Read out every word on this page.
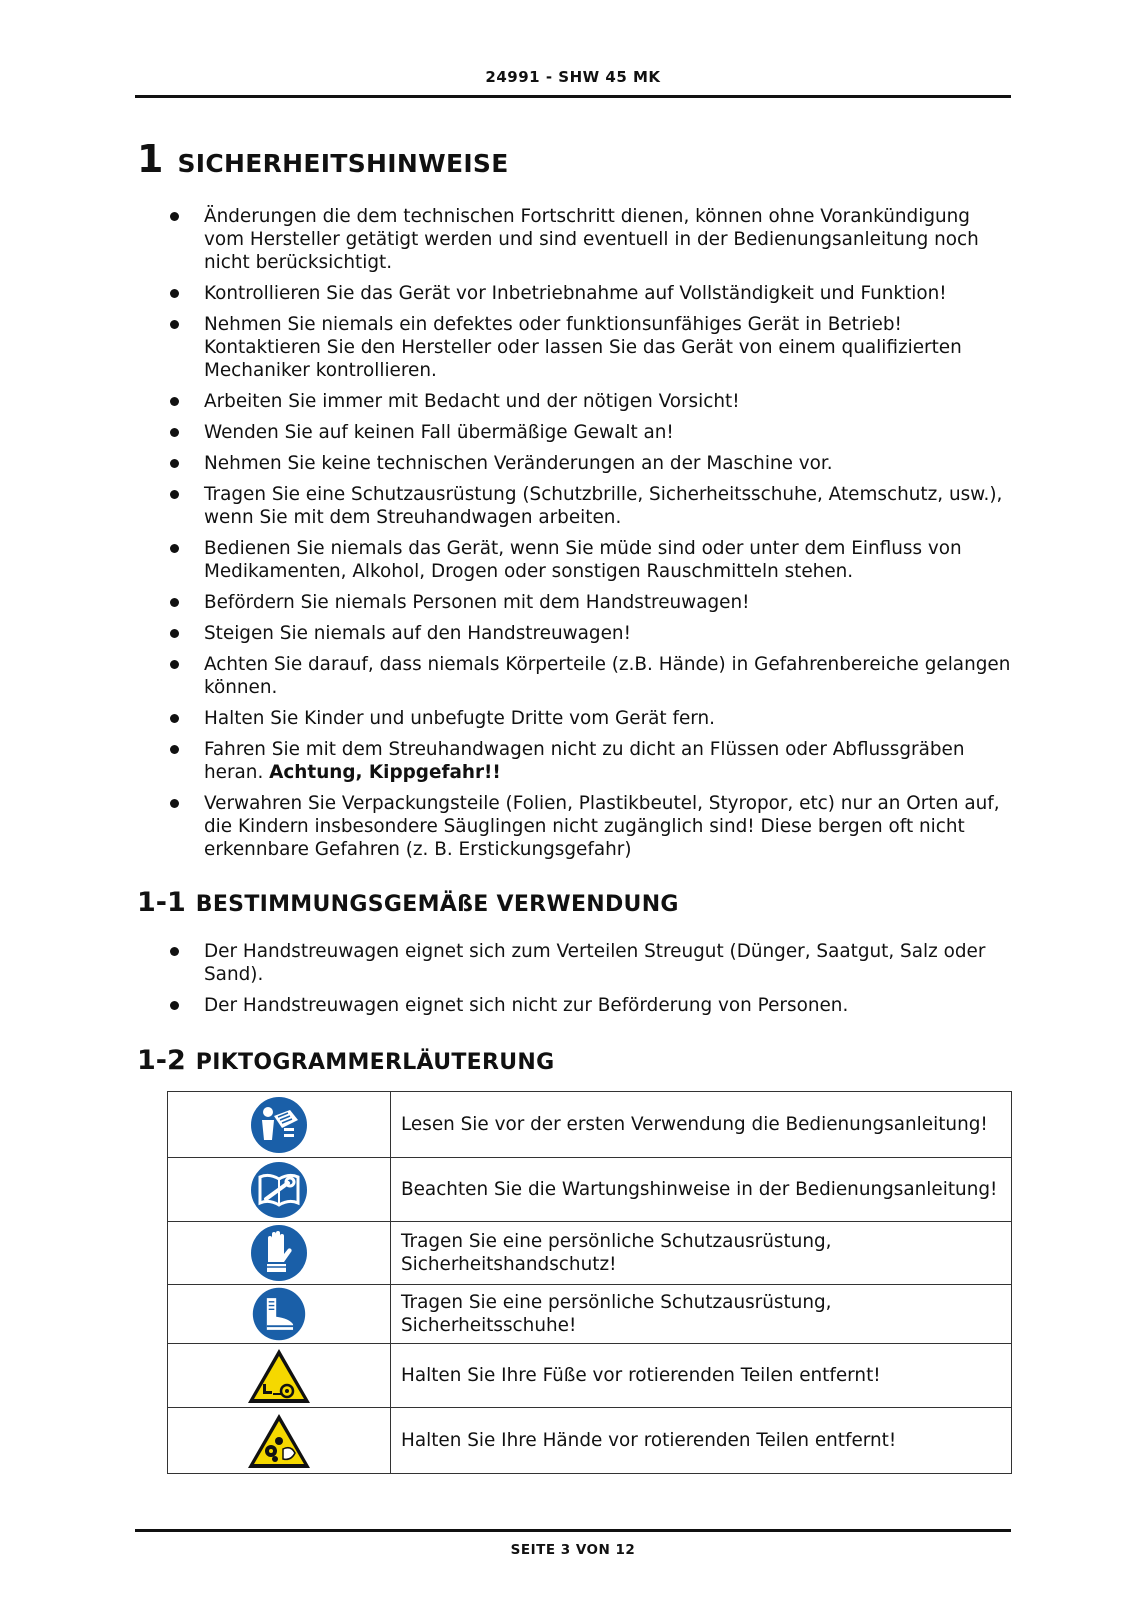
24991 - SHW 45 MK
1 SICHERHEITSHINWEISE
Änderungen die dem technischen Fortschritt dienen, können ohne Vorankündigung vom Hersteller getätigt werden und sind eventuell in der Bedienungsanleitung noch nicht berücksichtigt.
Kontrollieren Sie das Gerät vor Inbetriebnahme auf Vollständigkeit und Funktion!
Nehmen Sie niemals ein defektes oder funktionsunfähiges Gerät in Betrieb! Kontaktieren Sie den Hersteller oder lassen Sie das Gerät von einem qualifizierten Mechaniker kontrollieren.
Arbeiten Sie immer mit Bedacht und der nötigen Vorsicht!
Wenden Sie auf keinen Fall übermäßige Gewalt an!
Nehmen Sie keine technischen Veränderungen an der Maschine vor.
Tragen Sie eine Schutzausrüstung (Schutzbrille, Sicherheitsschuhe, Atemschutz, usw.), wenn Sie mit dem Streuhandwagen arbeiten.
Bedienen Sie niemals das Gerät, wenn Sie müde sind oder unter dem Einfluss von Medikamenten, Alkohol, Drogen oder sonstigen Rauschmitteln stehen.
Befördern Sie niemals Personen mit dem Handstreuwagen!
Steigen Sie niemals auf den Handstreuwagen!
Achten Sie darauf, dass niemals Körperteile (z.B. Hände) in Gefahrenbereiche gelangen können.
Halten Sie Kinder und unbefugte Dritte vom Gerät fern.
Fahren Sie mit dem Streuhandwagen nicht zu dicht an Flüssen oder Abflussgräben heran. Achtung, Kippgefahr!!
Verwahren Sie Verpackungsteile (Folien, Plastikbeutel, Styropor, etc) nur an Orten auf, die Kindern insbesondere Säuglingen nicht zugänglich sind! Diese bergen oft nicht erkennbare Gefahren (z. B. Erstickungsgefahr)
1-1 BESTIMMUNGSGEMÄßE VERWENDUNG
Der Handstreuwagen eignet sich zum Verteilen Streugut (Dünger, Saatgut, Salz oder Sand).
Der Handstreuwagen eignet sich nicht zur Beförderung von Personen.
1-2 PIKTOGRAMMERLÄUTERUNG
	Lesen Sie vor der ersten Verwendung die Bedienungsanleitung!

	Beachten Sie die Wartungshinweise in der Bedienungsanleitung!

	Tragen Sie eine persönliche Schutzausrüstung, Sicherheitshandschutz!

	Tragen Sie eine persönliche Schutzausrüstung, Sicherheitsschuhe!

	Halten Sie Ihre Füße vor rotierenden Teilen entfernt!

	Halten Sie Ihre Hände vor rotierenden Teilen entfernt!
SEITE 3 VON 12
